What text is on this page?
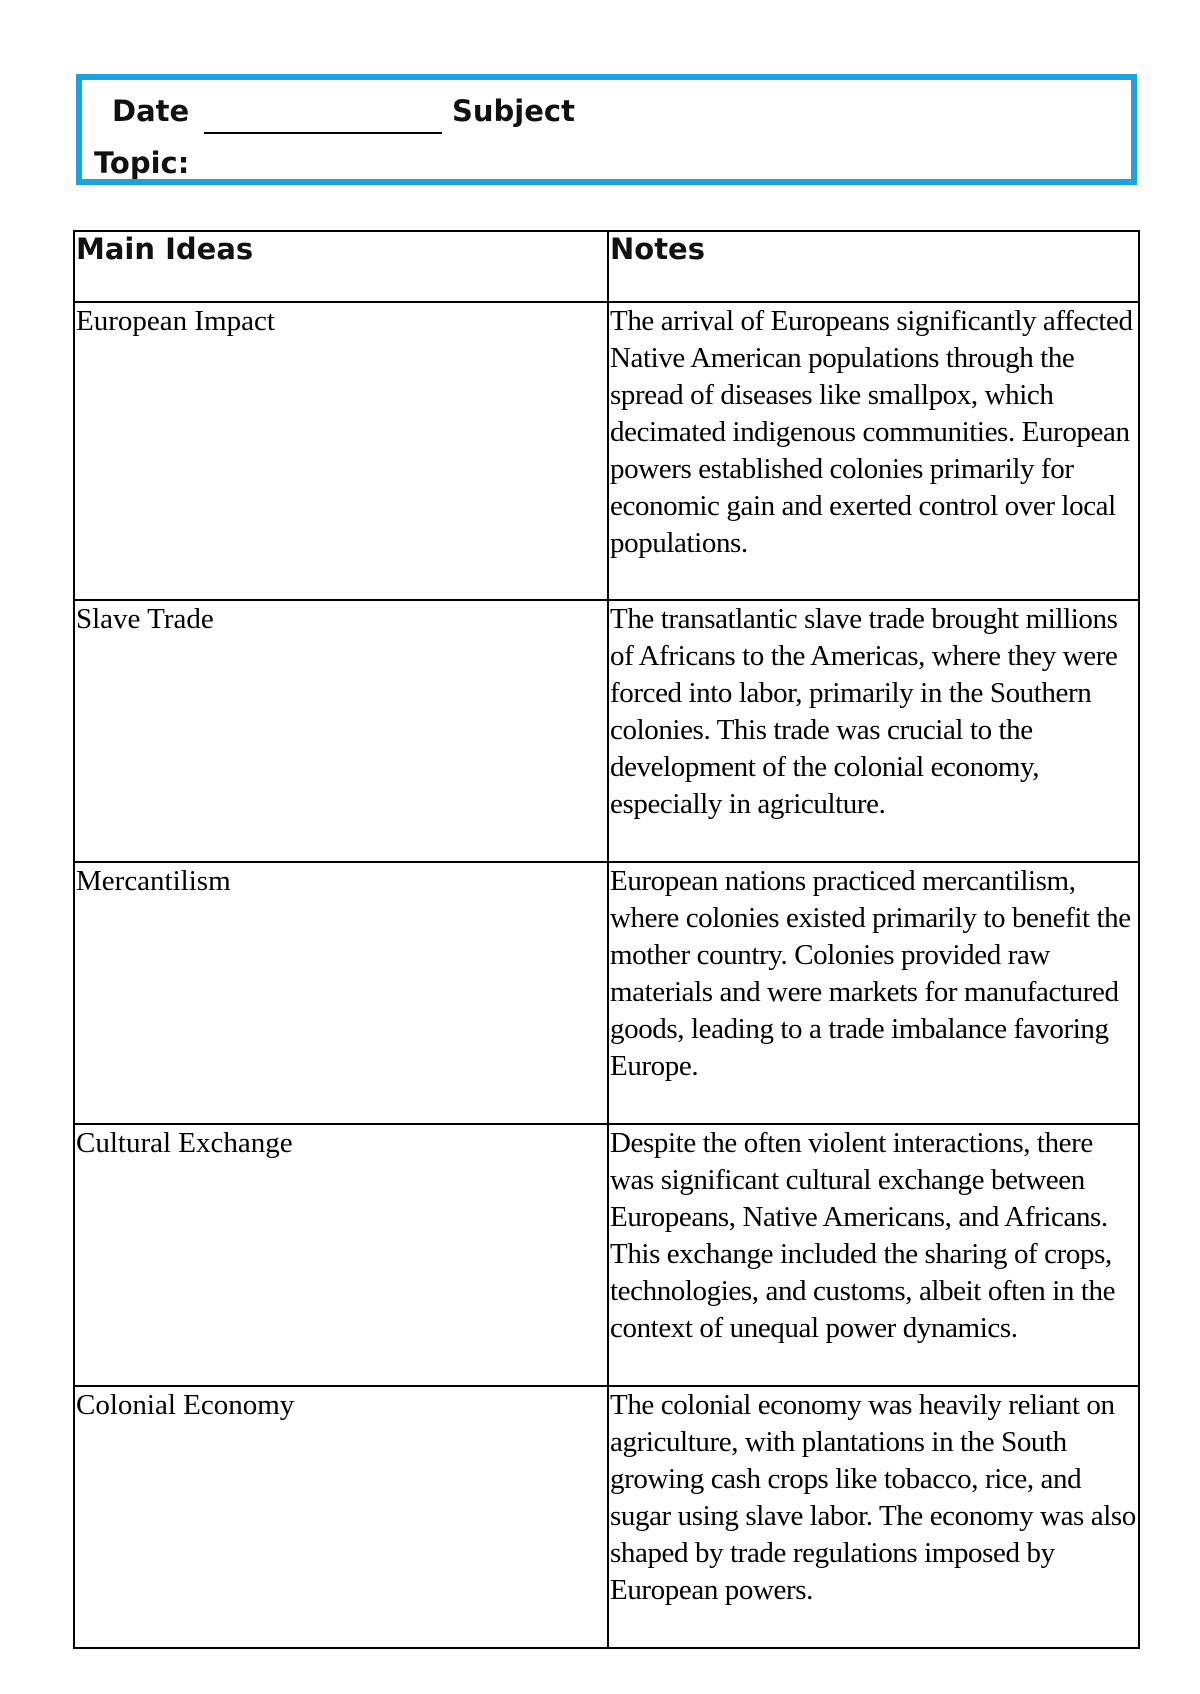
Date	Subject
Topic:
Main Ideas	Notes
European Impact	The arrival of Europeans significantly affected Native American populations through the spread of diseases like smallpox, which decimated indigenous communities. European powers established colonies primarily for economic gain and exerted control over local populations.
Slave Trade	The transatlantic slave trade brought millions of Africans to the Americas, where they were forced into labor, primarily in the Southern colonies. This trade was crucial to the development of the colonial economy, especially in agriculture.
Mercantilism	European nations practiced mercantilism, where colonies existed primarily to benefit the mother country. Colonies provided raw materials and were markets for manufactured goods, leading to a trade imbalance favoring Europe.
Cultural Exchange	Despite the often violent interactions, there was significant cultural exchange between Europeans, Native Americans, and Africans. This exchange included the sharing of crops, technologies, and customs, albeit often in the context of unequal power dynamics.
Colonial Economy	The colonial economy was heavily reliant on agriculture, with plantations in the South growing cash crops like tobacco, rice, and sugar using slave labor. The economy was also shaped by trade regulations imposed by European powers.
